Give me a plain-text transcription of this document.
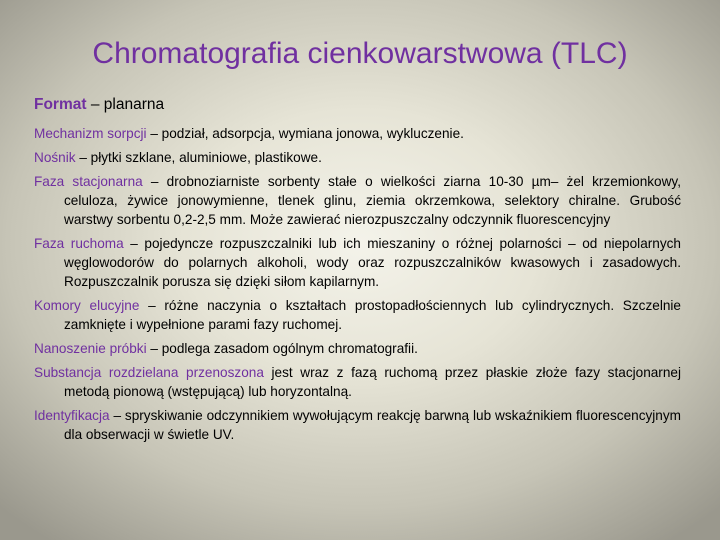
Chromatografia cienkowarstwowa (TLC)

Format – planarna

Mechanizm sorpcji – podział, adsorpcja, wymiana jonowa, wykluczenie.

Nośnik – płytki szklane, aluminiowe, plastikowe.

Faza stacjonarna – drobnoziarniste sorbenty stałe o wielkości ziarna 10-30 µm– żel krzemionkowy, celuloza, żywice jonowymienne, tlenek glinu, ziemia okrzemkowa, selektory chiralne. Grubość warstwy sorbentu 0,2-2,5 mm. Może zawierać nierozpuszczalny odczynnik fluorescencyjny

Faza ruchoma – pojedyncze rozpuszczalniki lub ich mieszaniny o różnej polarności – od niepolarnych węglowodorów do polarnych alkoholi, wody oraz rozpuszczalników kwasowych i zasadowych. Rozpuszczalnik porusza się dzięki siłom kapilarnym.

Komory elucyjne – różne naczynia o kształtach prostopadłościennych lub cylindrycznych. Szczelnie zamknięte i wypełnione parami fazy ruchomej.

Nanoszenie próbki – podlega zasadom ogólnym chromatografii.

Substancja rozdzielana przenoszona jest wraz z fazą ruchomą przez płaskie złoże fazy stacjonarnej metodą pionową (wstępującą) lub horyzontalną.

Identyfikacja – spryskiwanie odczynnikiem wywołującym reakcję barwną lub wskaźnikiem fluorescencyjnym dla obserwacji w świetle UV.
